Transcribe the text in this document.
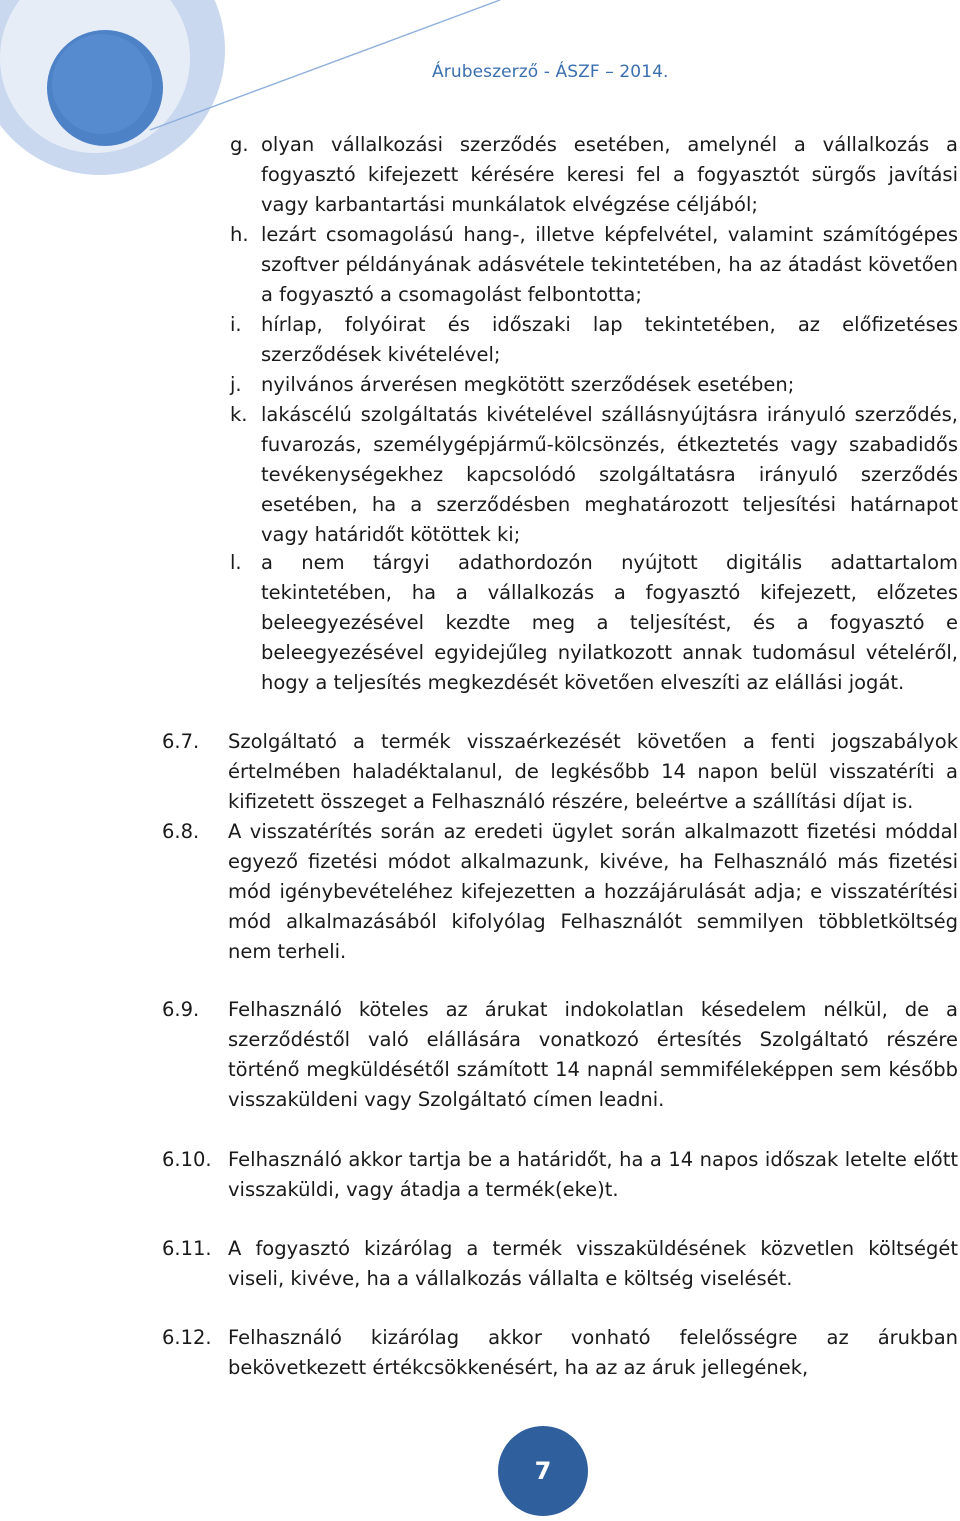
Árubeszerző - ÁSZF – 2014.
g. olyan vállalkozási szerződés esetében, amelynél a vállalkozás a fogyasztó kifejezett kérésére keresi fel a fogyasztót sürgős javítási vagy karbantartási munkálatok elvégzése céljából;
h. lezárt csomagolású hang-, illetve képfelvétel, valamint számítógépes szoftver példányának adásvétele tekintetében, ha az átadást követően a fogyasztó a csomagolást felbontotta;
i. hírlap, folyóirat és időszaki lap tekintetében, az előfizetéses szerződések kivételével;
j. nyilvános árverésen megkötött szerződések esetében;
k. lakáscélú szolgáltatás kivételével szállásnyújtásra irányuló szerződés, fuvarozás, személygépjármű-kölcsönzés, étkeztetés vagy szabadidős tevékenységekhez kapcsolódó szolgáltatásra irányuló szerződés esetében, ha a szerződésben meghatározott teljesítési határnapot vagy határidőt kötöttek ki;
l. a nem tárgyi adathordozón nyújtott digitális adattartalom tekintetében, ha a vállalkozás a fogyasztó kifejezett, előzetes beleegyezésével kezdte meg a teljesítést, és a fogyasztó e beleegyezésével egyidejűleg nyilatkozott annak tudomásul vételéről, hogy a teljesítés megkezdését követően elveszíti az elállási jogát.
6.7.	Szolgáltató a termék visszaérkezését követően a fenti jogszabályok értelmében haladéktalanul, de legkésőbb 14 napon belül visszatéríti a kifizetett összeget a Felhasználó részére, beleértve a szállítási díjat is.
6.8.	A visszatérítés során az eredeti ügylet során alkalmazott fizetési móddal egyező fizetési módot alkalmazunk, kivéve, ha Felhasználó más fizetési mód igénybevételéhez kifejezetten a hozzájárulását adja; e visszatérítési mód alkalmazásából kifolyólag Felhasználót semmilyen többletköltség nem terheli.
6.9.	Felhasználó köteles az árukat indokolatlan késedelem nélkül, de a szerződéstől való elállására vonatkozó értesítés Szolgáltató részére történő megküldésétől számított 14 napnál semmiféleképpen sem később visszaküldeni vagy Szolgáltató címen leadni.
6.10. Felhasználó akkor tartja be a határidőt, ha a 14 napos időszak letelte előtt visszaküldi, vagy átadja a termék(eke)t.
6.11. A fogyasztó kizárólag a termék visszaküldésének közvetlen költségét viseli, kivéve, ha a vállalkozás vállalta e költség viselését.
6.12. Felhasználó kizárólag akkor vonható felelősségre az árukban bekövetkezett értékcsökkenésért, ha az az áruk jellegének,
7
